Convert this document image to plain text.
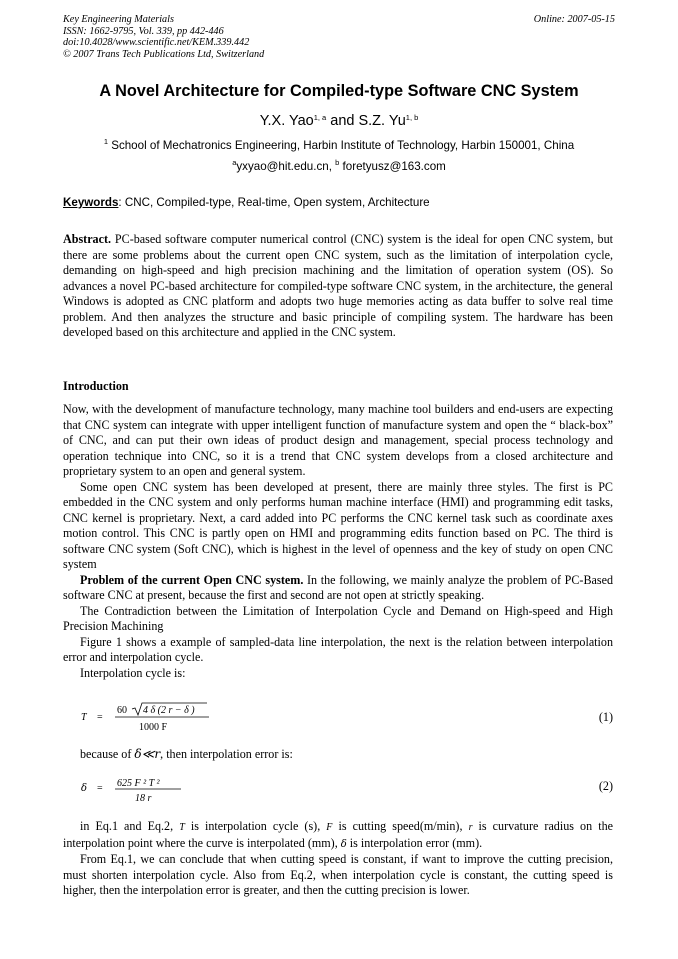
Key Engineering Materials
ISSN: 1662-9795, Vol. 339, pp 442-446
doi:10.4028/www.scientific.net/KEM.339.442
© 2007 Trans Tech Publications Ltd, Switzerland
Online: 2007-05-15
A Novel Architecture for Compiled-type Software CNC System
Y.X. Yao$^{1, a}$ and S.Z. Yu$^{1, b}$
$^1$ School of Mechatronics Engineering, Harbin Institute of Technology, Harbin 150001, China
$^a$yxyao@hit.edu.cn, $^b$ foretyusz@163.com
Keywords: CNC, Compiled-type, Real-time, Open system, Architecture

Abstract. PC-based software computer numerical control (CNC) system is the ideal for open CNC system, but there are some problems about the current open CNC system, such as the limitation of interpolation cycle, demanding on high-speed and high precision machining and the limitation of operation system (OS). So advances a novel PC-based architecture for compiled-type software CNC system, in the architecture, the general Windows is adopted as CNC platform and adopts two huge memories acting as data buffer to solve real time problem. And then analyzes the structure and basic principle of compiling system. The hardware has been developed based on this architecture and applied in the CNC system.

Introduction

Now, with the development of manufacture technology, many machine tool builders and end-users are expecting that CNC system can integrate with upper intelligent function of manufacture system and open the “ black-box” of CNC, and can put their own ideas of product design and management, special process technology and operation technique into CNC, so it is a trend that CNC system develops from a closed architecture and proprietary system to an open and general system.

Some open CNC system has been developed at present, there are mainly three styles. The first is PC embedded in the CNC system and only performs human machine interface (HMI) and programming edit tasks, CNC kernel is proprietary. Next, a card added into PC performs the CNC kernel task such as coordinate axes motion control. This CNC is partly open on HMI and programming edits function based on PC. The third is software CNC system (Soft CNC), which is highest in the level of openness and the key of study on open CNC system

Problem of the current Open CNC system. In the following, we mainly analyze the problem of PC-Based software CNC at present, because the first and second are not open at strictly speaking.

The Contradiction between the Limitation of Interpolation Cycle and Demand on High-speed and High Precision Machining

Figure 1 shows a example of sampled-data line interpolation, the next is the relation between interpolation error and interpolation cycle.

Interpolation cycle is:

T =
60 4 δ (2 r − δ )
1000 F
(1)

because of δ≪r, then interpolation error is:

δ = 625 F ² T ²
18 r
(2)

in Eq.1 and Eq.2, T is interpolation cycle (s), F is cutting speed(m/min), r is curvature radius on the interpolation point where the curve is interpolated (mm), δ is interpolation error (mm).

From Eq.1, we can conclude that when cutting speed is constant, if want to improve the cutting precision, must shorten interpolation cycle. Also from Eq.2, when interpolation cycle is constant, the cutting speed is higher, then the interpolation error is greater, and then the cutting precision is lower.
